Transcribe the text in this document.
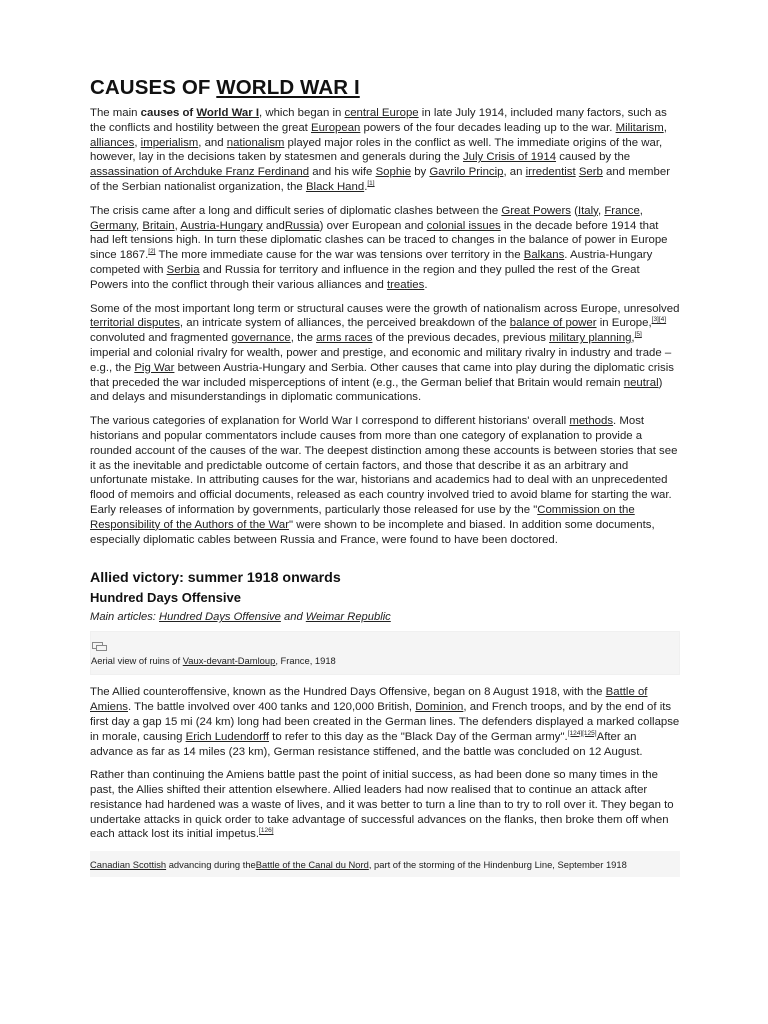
CAUSES OF WORLD WAR I

The main causes of World War I, which began in central Europe in late July 1914, included many factors, such as the conflicts and hostility between the great European powers of the four decades leading up to the war. Militarism, alliances, imperialism, and nationalism played major roles in the conflict as well. The immediate origins of the war, however, lay in the decisions taken by statesmen and generals during the July Crisis of 1914 caused by the assassination of Archduke Franz Ferdinand and his wife Sophie by Gavrilo Princip, an irredentist Serb and member of the Serbian nationalist organization, the Black Hand.[1]

The crisis came after a long and difficult series of diplomatic clashes between the Great Powers (Italy, France, Germany, Britain, Austria-Hungary andRussia) over European and colonial issues in the decade before 1914 that had left tensions high. In turn these diplomatic clashes can be traced to changes in the balance of power in Europe since 1867.[2] The more immediate cause for the war was tensions over territory in the Balkans. Austria-Hungary competed with Serbia and Russia for territory and influence in the region and they pulled the rest of the Great Powers into the conflict through their various alliances and treaties.

Some of the most important long term or structural causes were the growth of nationalism across Europe, unresolved territorial disputes, an intricate system of alliances, the perceived breakdown of the balance of power in Europe,[3][4] convoluted and fragmented governance, the arms races of the previous decades, previous military planning,[5] imperial and colonial rivalry for wealth, power and prestige, and economic and military rivalry in industry and trade – e.g., the Pig War between Austria-Hungary and Serbia. Other causes that came into play during the diplomatic crisis that preceded the war included misperceptions of intent (e.g., the German belief that Britain would remain neutral) and delays and misunderstandings in diplomatic communications.

The various categories of explanation for World War I correspond to different historians' overall methods. Most historians and popular commentators include causes from more than one category of explanation to provide a rounded account of the causes of the war. The deepest distinction among these accounts is between stories that see it as the inevitable and predictable outcome of certain factors, and those that describe it as an arbitrary and unfortunate mistake. In attributing causes for the war, historians and academics had to deal with an unprecedented flood of memoirs and official documents, released as each country involved tried to avoid blame for starting the war. Early releases of information by governments, particularly those released for use by the "Commission on the Responsibility of the Authors of the War" were shown to be incomplete and biased. In addition some documents, especially diplomatic cables between Russia and France, were found to have been doctored.

Allied victory: summer 1918 onwards
Hundred Days Offensive
Main articles: Hundred Days Offensive and Weimar Republic
Aerial view of ruins of Vaux-devant-Damloup, France, 1918

The Allied counteroffensive, known as the Hundred Days Offensive, began on 8 August 1918, with the Battle of Amiens. The battle involved over 400 tanks and 120,000 British, Dominion, and French troops, and by the end of its first day a gap 15 mi (24 km) long had been created in the German lines. The defenders displayed a marked collapse in morale, causing Erich Ludendorff to refer to this day as the "Black Day of the German army".[124][125]After an advance as far as 14 miles (23 km), German resistance stiffened, and the battle was concluded on 12 August.

Rather than continuing the Amiens battle past the point of initial success, as had been done so many times in the past, the Allies shifted their attention elsewhere. Allied leaders had now realised that to continue an attack after resistance had hardened was a waste of lives, and it was better to turn a line than to try to roll over it. They began to undertake attacks in quick order to take advantage of successful advances on the flanks, then broke them off when each attack lost its initial impetus.[126]

Canadian Scottish advancing during theBattle of the Canal du Nord, part of the storming of the Hindenburg Line, September 1918
